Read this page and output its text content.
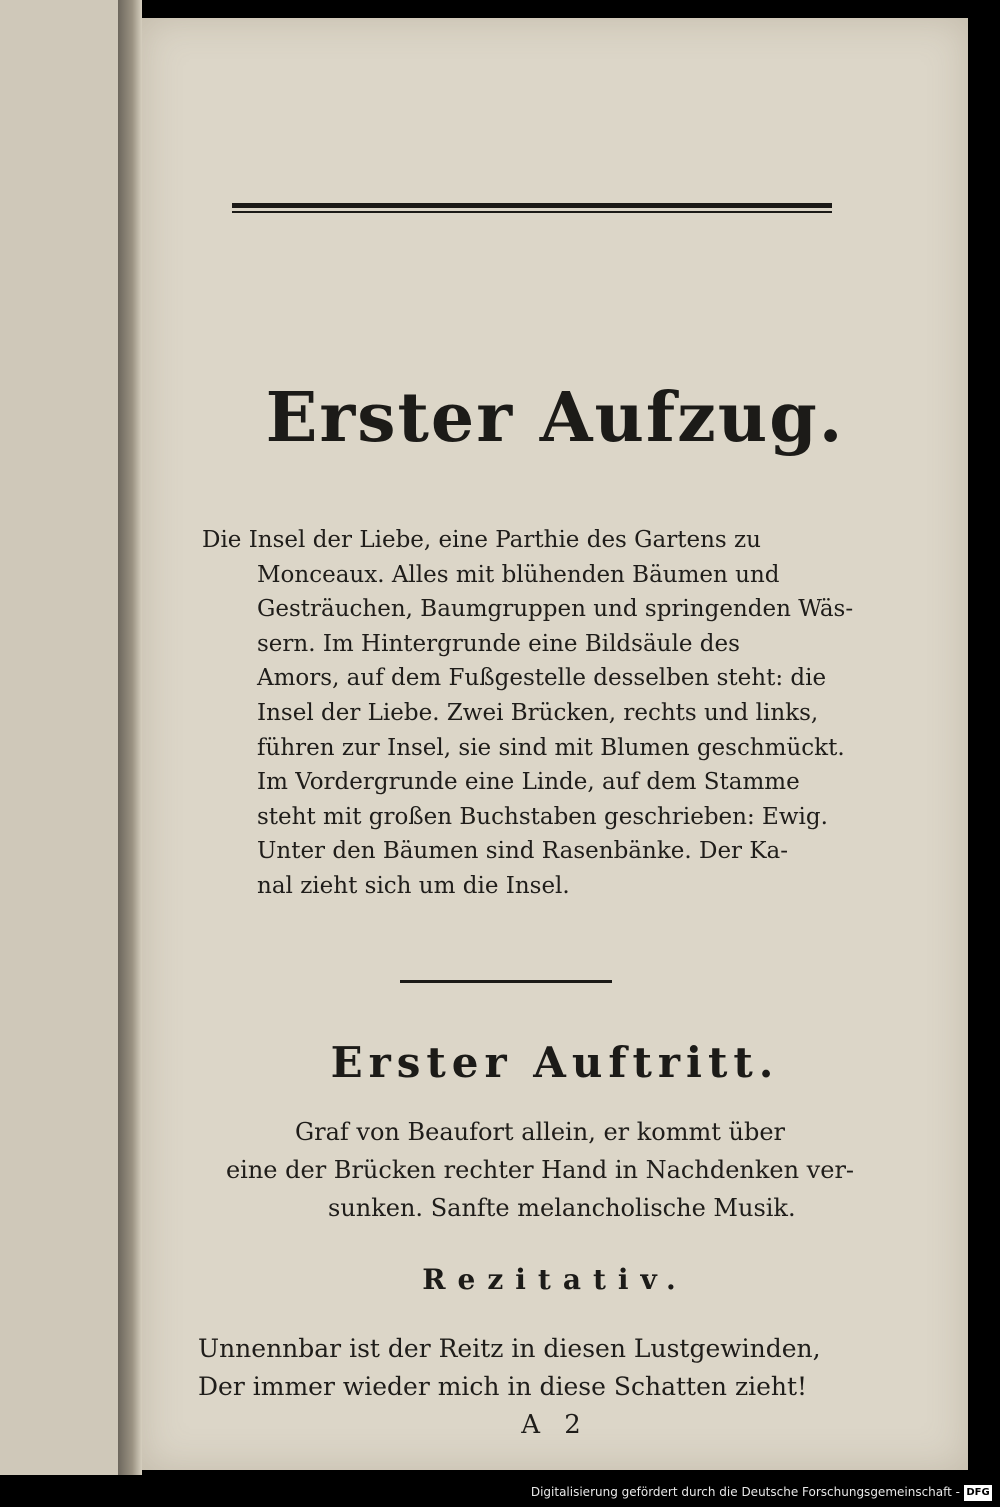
Erster Aufzug.
Die Insel der Liebe, eine Parthie des Gartens zu
Monceaux. Alles mit blühenden Bäumen und
Gesträuchen, Baumgruppen und springenden Wäs-
sern. Im Hintergrunde eine Bildsäule des
Amors, auf dem Fußgestelle desselben steht: die
Insel der Liebe. Zwei Brücken, rechts und links,
führen zur Insel, sie sind mit Blumen geschmückt.
Im Vordergrunde eine Linde, auf dem Stamme
steht mit großen Buchstaben geschrieben: Ewig.
Unter den Bäumen sind Rasenbänke. Der Ka-
nal zieht sich um die Insel.
Erster Auftritt.
Graf von Beaufort allein, er kommt über
eine der Brücken rechter Hand in Nachdenken ver-
sunken. Sanfte melancholische Musik.
Rezitativ.
Unnennbar ist der Reitz in diesen Lustgewinden,
Der immer wieder mich in diese Schatten zieht!
A 2
Digitalisierung gefördert durch die Deutsche Forschungsgemeinschaft - DFG
